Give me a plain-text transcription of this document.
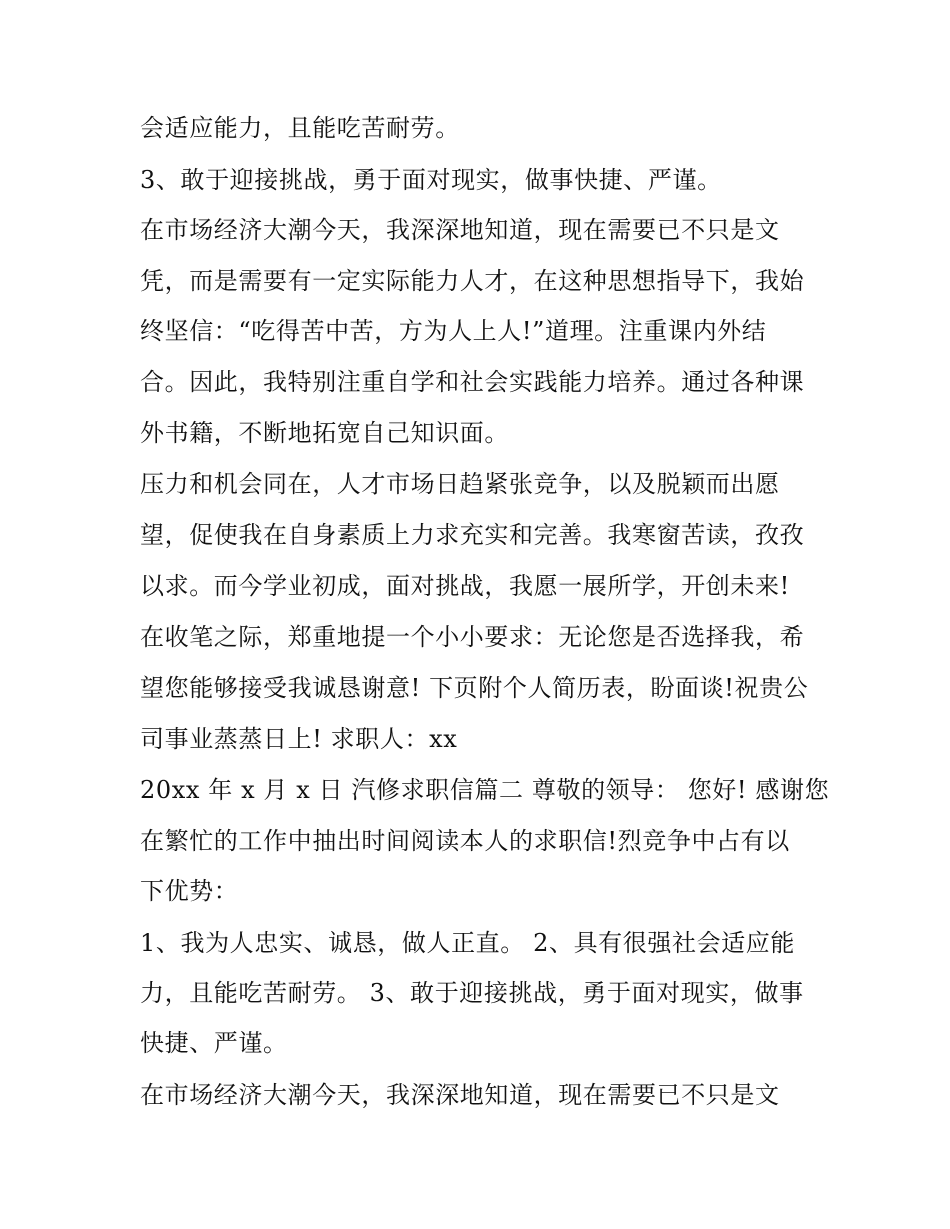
会适应能力，且能吃苦耐劳。
3、敢于迎接挑战，勇于面对现实，做事快捷、严谨。
在市场经济大潮今天，我深深地知道，现在需要已不只是文
凭，而是需要有一定实际能力人才，在这种思想指导下，我始
终坚信：“吃得苦中苦，方为人上人!”道理。注重课内外结
合。因此，我特别注重自学和社会实践能力培养。通过各种课
外书籍，不断地拓宽自己知识面。
压力和机会同在，人才市场日趋紧张竞争，以及脱颖而出愿
望，促使我在自身素质上力求充实和完善。我寒窗苦读，孜孜
以求。而今学业初成，面对挑战，我愿一展所学，开创未来!
在收笔之际，郑重地提一个小小要求：无论您是否选择我，希
望您能够接受我诚恳谢意! 下页附个人简历表，盼面谈!祝贵公
司事业蒸蒸日上! 求职人：xx
20xx 年 x 月 x 日 汽修求职信篇二 尊敬的领导： 您好! 感谢您
在繁忙的工作中抽出时间阅读本人的求职信!烈竞争中占有以
下优势：
1、我为人忠实、诚恳，做人正直。 2、具有很强社会适应能
力，且能吃苦耐劳。 3、敢于迎接挑战，勇于面对现实，做事
快捷、严谨。
在市场经济大潮今天，我深深地知道，现在需要已不只是文
